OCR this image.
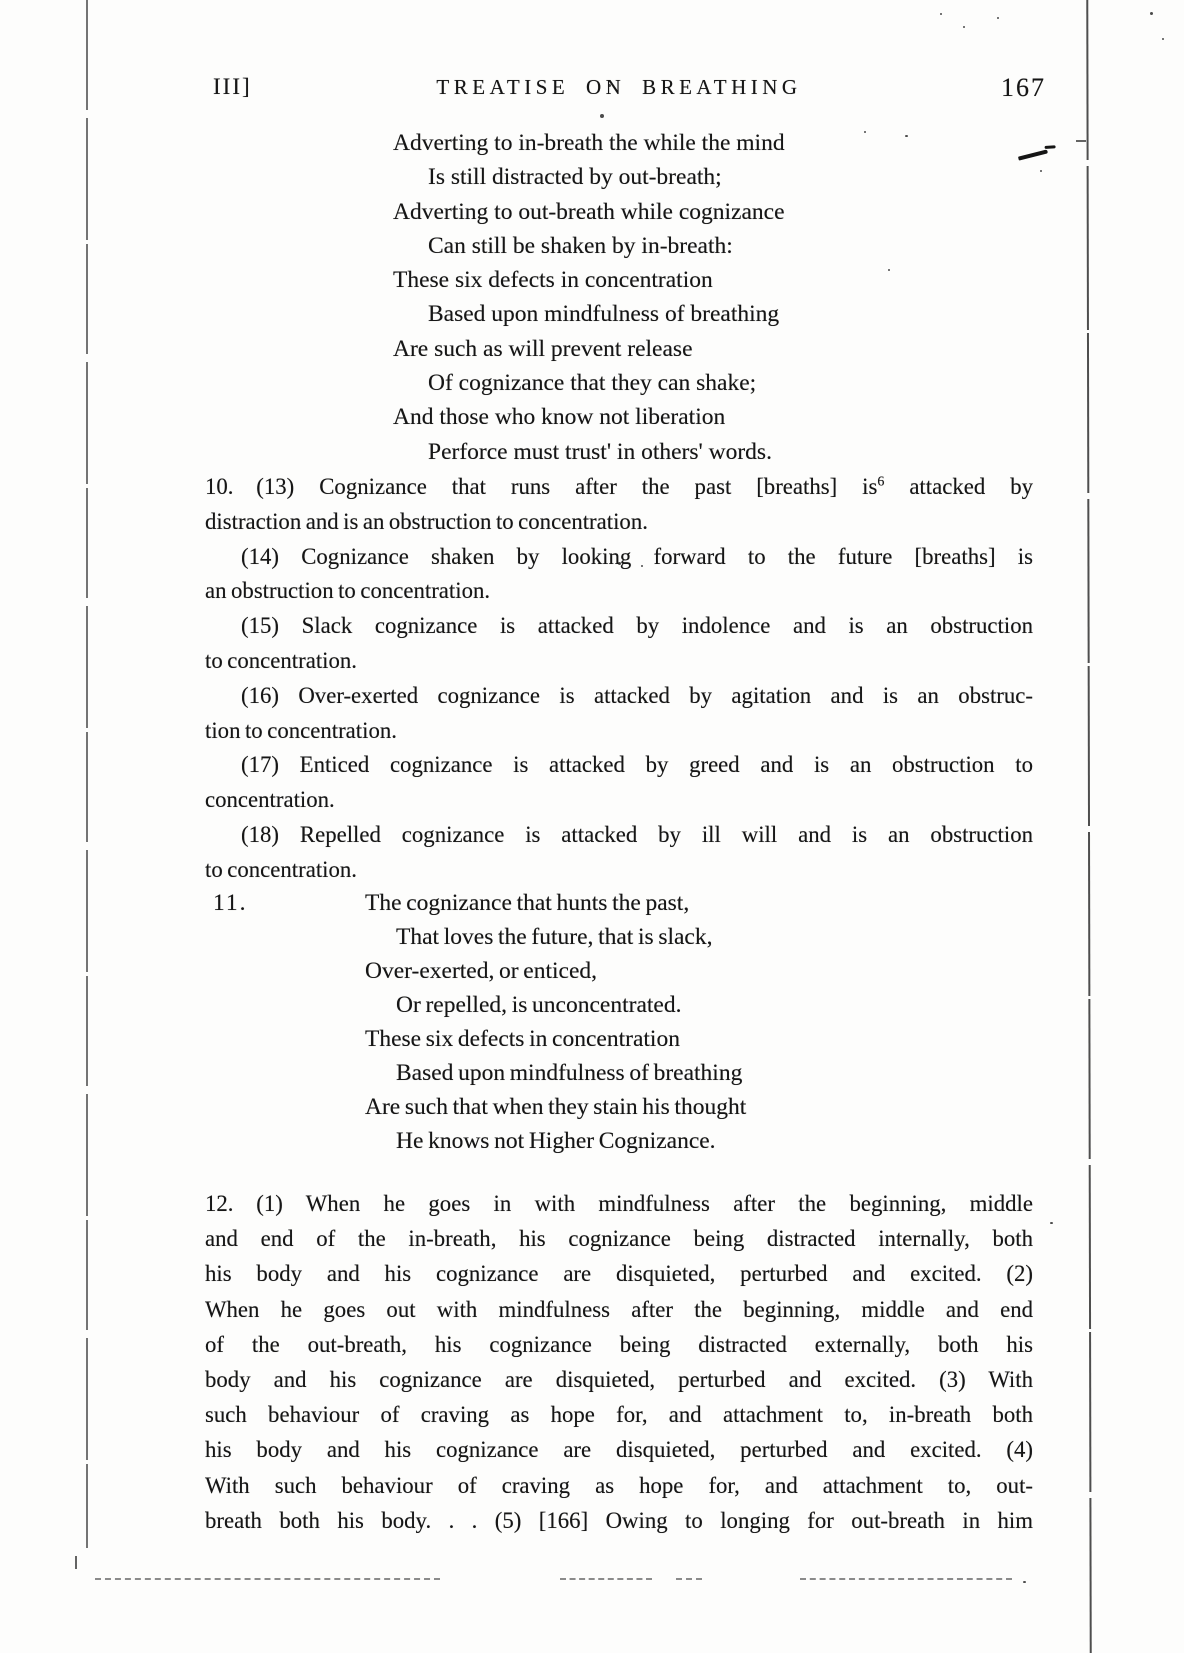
III]	TREATISE ON BREATHING	167
Adverting to in-breath the while the mind
Is still distracted by out-breath;
Adverting to out-breath while cognizance
Can still be shaken by in-breath:
These six defects in concentration
Based upon mindfulness of breathing
Are such as will prevent release
Of cognizance that they can shake;
And those who know not liberation
Perforce must trust' in others' words.
10.  (13) Cognizance that runs after the past [breaths] is$^6$ attacked by
distraction and is an obstruction to concentration.
(14) Cognizance shaken by looking forward to the future [breaths] is
an obstruction to concentration.
(15) Slack cognizance is attacked by indolence and is an obstruction
to concentration.
(16) Over-exerted cognizance is attacked by agitation and is an obstruc-
tion to concentration.
(17) Enticed cognizance is attacked by greed and is an obstruction to
concentration.
(18) Repelled cognizance is attacked by ill will and is an obstruction
to concentration.
11.	The cognizance that hunts the past,
That loves the future, that is slack,
Over-exerted, or enticed,
Or repelled, is unconcentrated.
These six defects in concentration
Based upon mindfulness of breathing
Are such that when they stain his thought
He knows not Higher Cognizance.
12.  (1) When he goes in with mindfulness after the beginning, middle
and end of the in-breath, his cognizance being distracted internally, both
his body and his cognizance are disquieted, perturbed and excited. (2)
When he goes out with mindfulness after the beginning, middle and end
of the out-breath, his cognizance being distracted externally, both his
body and his cognizance are disquieted, perturbed and excited. (3) With
such behaviour of craving as hope for, and attachment to, in-breath both
his body and his cognizance are disquieted, perturbed and excited. (4)
With such behaviour of craving as hope for, and attachment to, out-
breath both his body. . . (5) [166] Owing to longing for out-breath in him
